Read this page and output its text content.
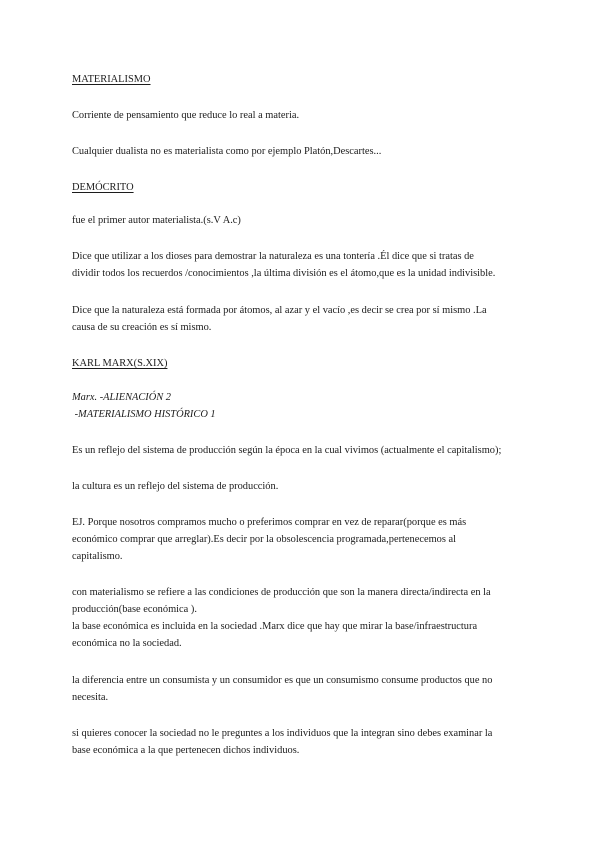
MATERIALISMO

Corriente de pensamiento que reduce lo real a materia.

Cualquier dualista no es materialista como por ejemplo Platón,Descartes...

DEMÓCRITO

fue el primer autor materialista.(s.V A.c)

Dice que utilizar a los dioses para demostrar la naturaleza es una tontería .Él dice que si tratas de
dividir todos los recuerdos /conocimientos ,la última división es el átomo,que es la unidad indivisible.

Dice que la naturaleza está formada por átomos, al azar y el vacío ,es decir se crea por sí mismo .La
causa de su creación es sí mismo.

KARL MARX(S.XIX)

Marx. -ALIENACIÓN 2
-MATERIALISMO HISTÓRICO 1

Es un reflejo del sistema de producción según la época en la cual vivimos (actualmente el capitalismo);

la cultura es un reflejo del sistema de producción.

EJ. Porque nosotros compramos mucho o preferimos comprar en vez de reparar(porque es más
económico comprar que arreglar).Es decir por la obsolescencia programada,pertenecemos al
capitalismo.

con materialismo se refiere a las condiciones de producción que son la manera directa/indirecta en la
producción(base económica ).
la base económica es incluida en la sociedad .Marx dice que hay que mirar la base/infraestructura
económica no la sociedad.

la diferencia entre un consumista y un consumidor es que un consumismo consume productos que no
necesita.

si quieres conocer la sociedad no le preguntes a los individuos que la integran sino debes examinar la
base económica a la que pertenecen dichos individuos.
